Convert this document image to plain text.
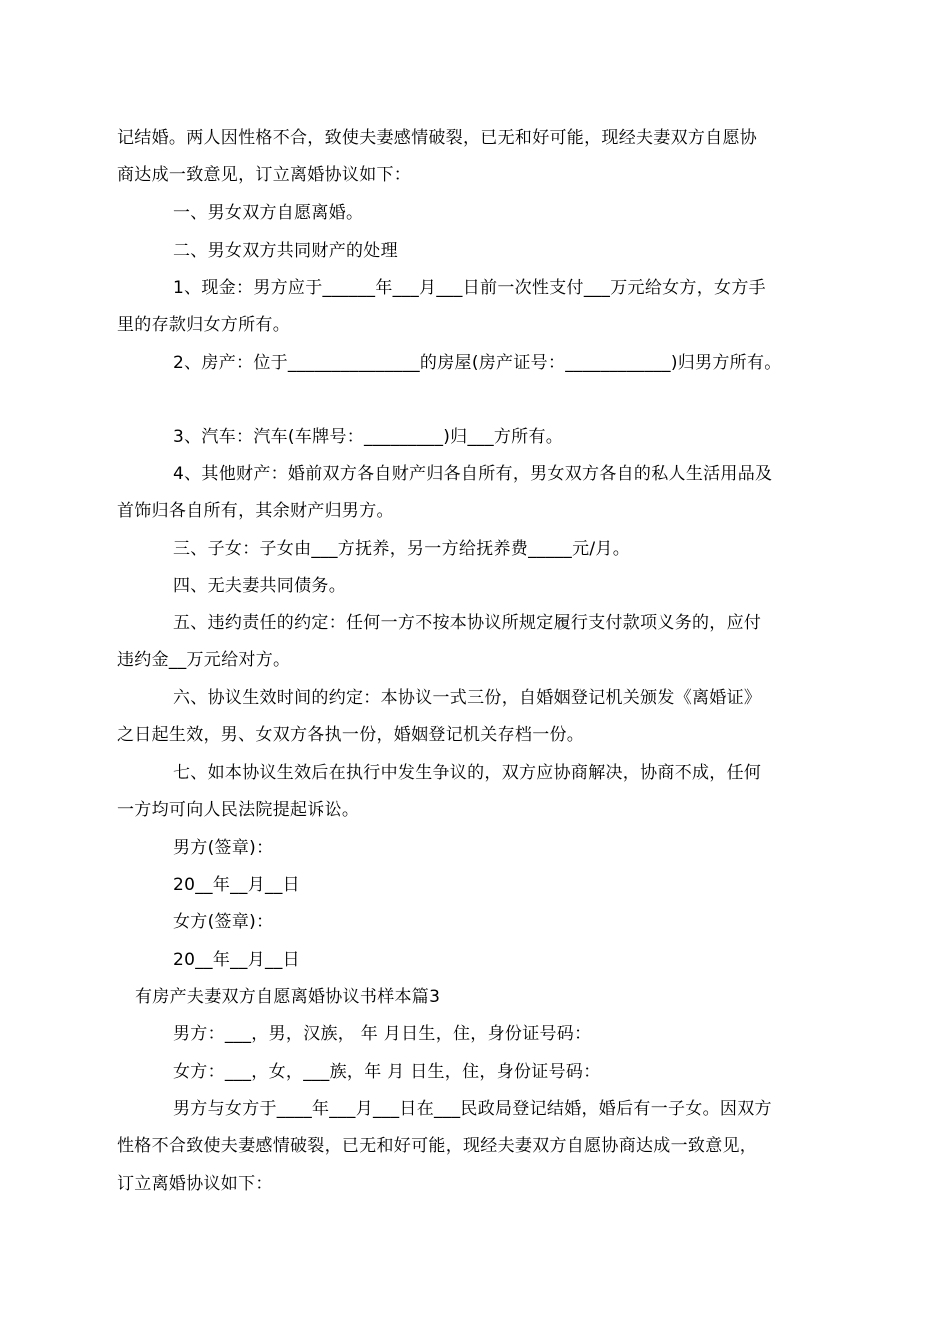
记结婚。两人因性格不合，致使夫妻感情破裂，已无和好可能，现经夫妻双方自愿协
商达成一致意见，订立离婚协议如下：
一、男女双方自愿离婚。
二、男女双方共同财产的处理
1、现金：男方应于______年___月___日前一次性支付___万元给女方，女方手
里的存款归女方所有。
2、房产：位于_______________的房屋(房产证号：____________)归男方所有。
3、汽车：汽车(车牌号：_________)归___方所有。
4、其他财产：婚前双方各自财产归各自所有，男女双方各自的私人生活用品及
首饰归各自所有，其余财产归男方。
三、子女：子女由___方抚养，另一方给抚养费_____元/月。
四、无夫妻共同债务。
五、违约责任的约定：任何一方不按本协议所规定履行支付款项义务的，应付
违约金__万元给对方。
六、协议生效时间的约定：本协议一式三份，自婚姻登记机关颁发《离婚证》
之日起生效，男、女双方各执一份，婚姻登记机关存档一份。
七、如本协议生效后在执行中发生争议的，双方应协商解决，协商不成，任何
一方均可向人民法院提起诉讼。
男方(签章)：
20__年__月__日
女方(签章)：
20__年__月__日
有房产夫妻双方自愿离婚协议书样本篇3
男方：___，男，汉族， 年 月日生，住，身份证号码：
女方：___，女，___族，年 月 日生，住，身份证号码：
男方与女方于____年___月___日在___民政局登记结婚，婚后有一子女。因双方
性格不合致使夫妻感情破裂，已无和好可能，现经夫妻双方自愿协商达成一致意见，
订立离婚协议如下：
